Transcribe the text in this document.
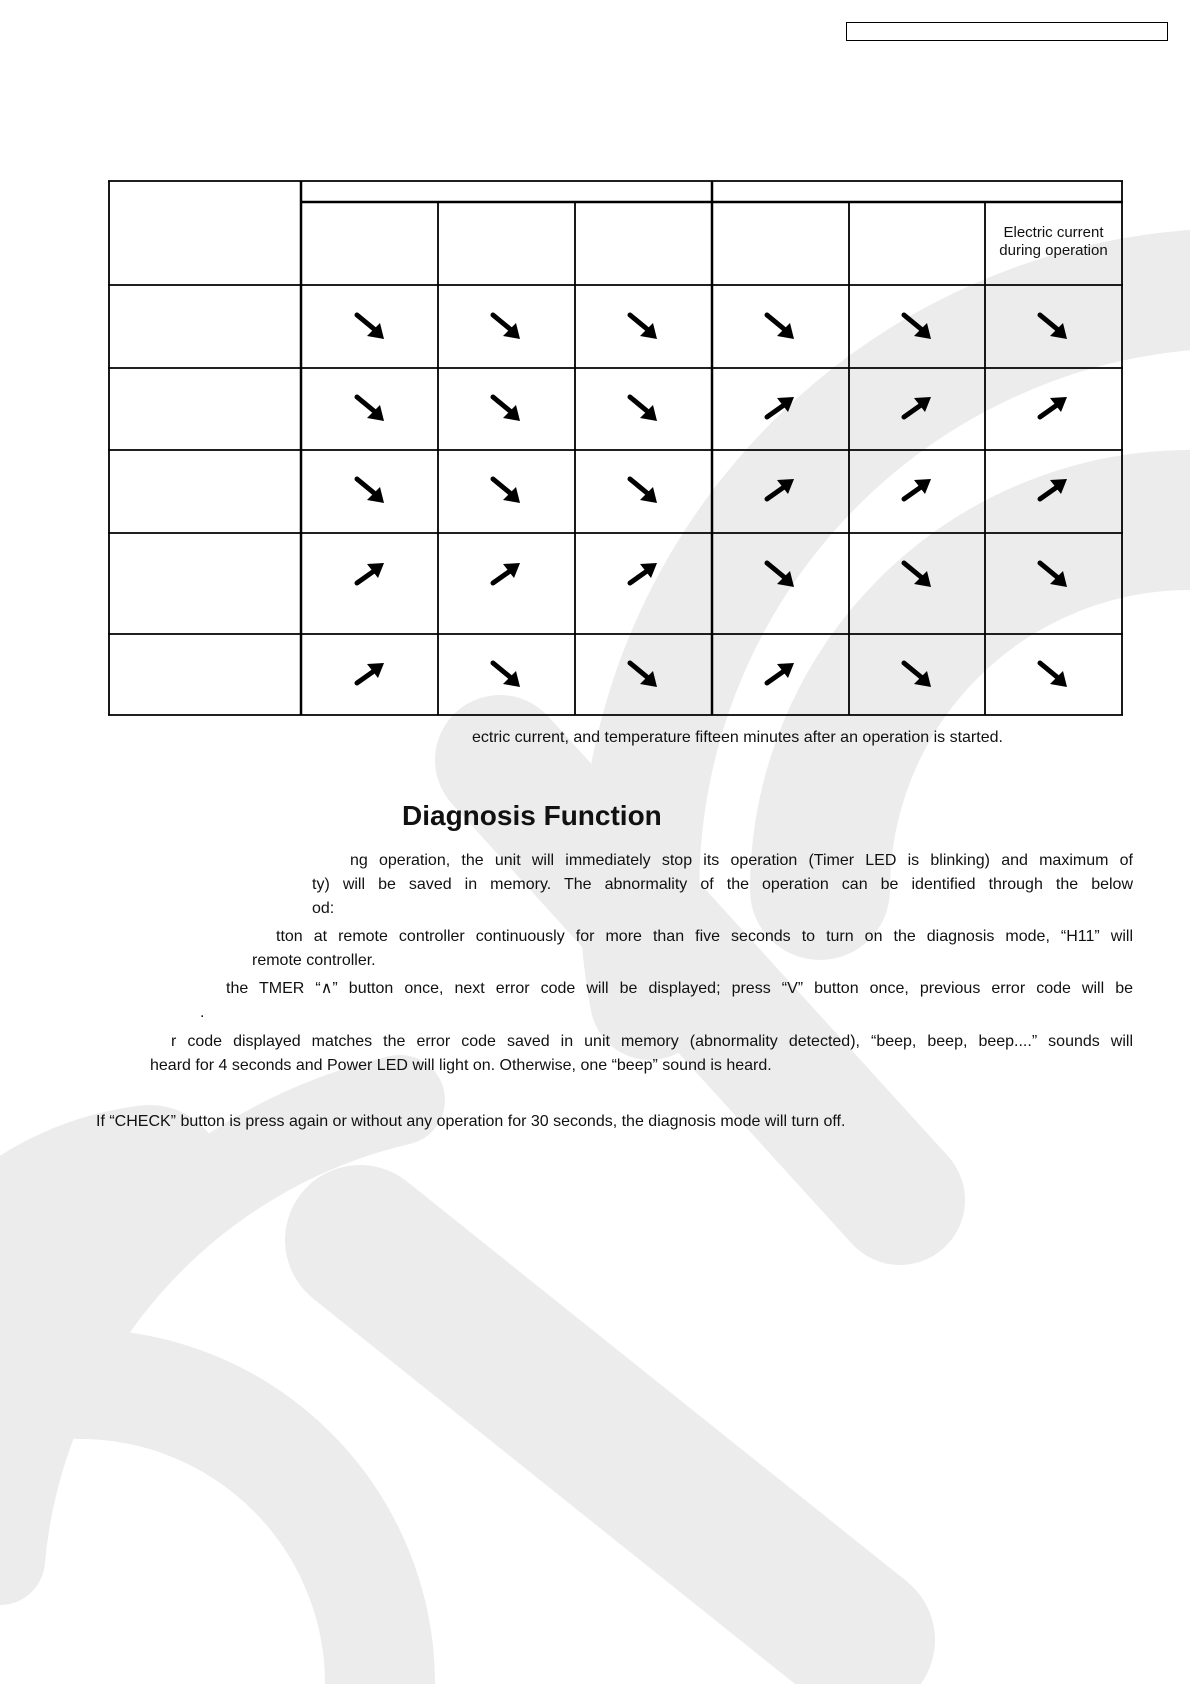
Electric current during operation
ectric current, and temperature fifteen minutes after an operation is started.
Diagnosis Function
ng operation, the unit will immediately stop its operation (Timer LED is blinking) and maximum of
ty) will be saved in memory. The abnormality of the operation can be identified through the below
od:
tton at remote controller continuously for more than five seconds to turn on the diagnosis mode, “H11” will
remote controller.
the TMER “∧” button once, next error code will be displayed; press “V” button once, previous error code will be
.
r code displayed matches the error code saved in unit memory (abnormality detected), “beep, beep, beep....” sounds will
heard for 4 seconds and Power LED will light on. Otherwise, one “beep” sound is heard.
If “CHECK” button is press again or without any operation for 30 seconds, the diagnosis mode will turn off.
